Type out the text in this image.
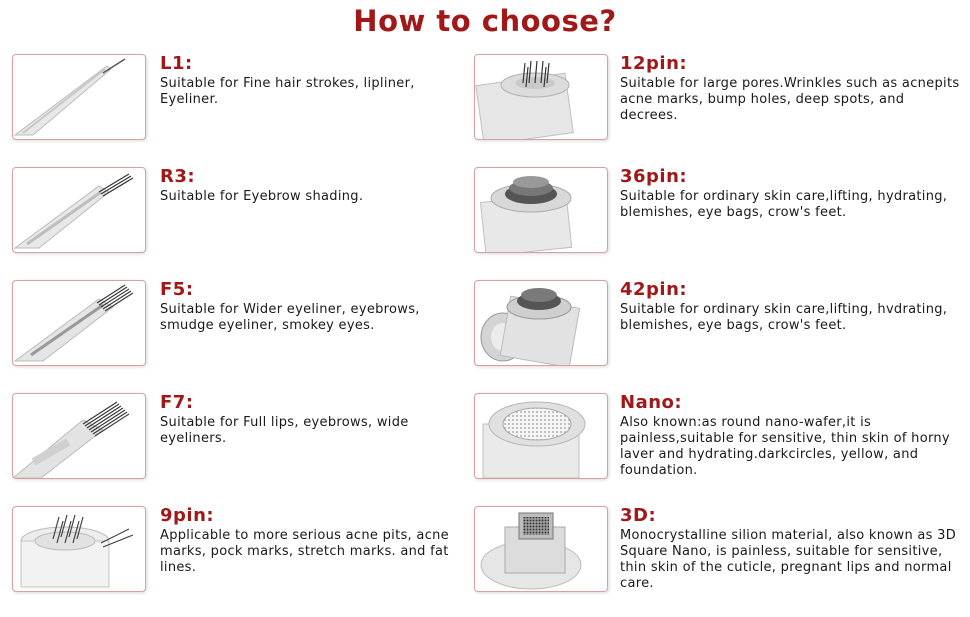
How to choose?
L1:
Suitable for Fine hair strokes, lipliner, Eyeliner.
R3:
Suitable for Eyebrow shading.
F5:
Suitable for Wider eyeliner, eyebrows, smudge eyeliner, smokey eyes.
F7:
Suitable for Full lips, eyebrows, wide eyeliners.
9pin:
Applicable to more serious acne pits, acne marks, pock marks, stretch marks. and fat lines.
12pin:
Suitable for large pores.Wrinkles such as acnepits acne marks, bump holes, deep spots, and decrees.
36pin:
Suitable for ordinary skin care,lifting, hydrating, blemishes, eye bags, crow's feet.
42pin:
Suitable for ordinary skin care,lifting, hvdrating, blemishes, eye bags, crow's feet.
Nano:
Also known:as round nano-wafer,it is painless,suitable for sensitive, thin skin of horny laver and hydrating.darkcircles, yellow, and foundation.
3D:
Monocrystalline silion material, also known as 3D Square Nano, is painless, suitable for sensitive, thin skin of the cuticle, pregnant lips and normal care.
